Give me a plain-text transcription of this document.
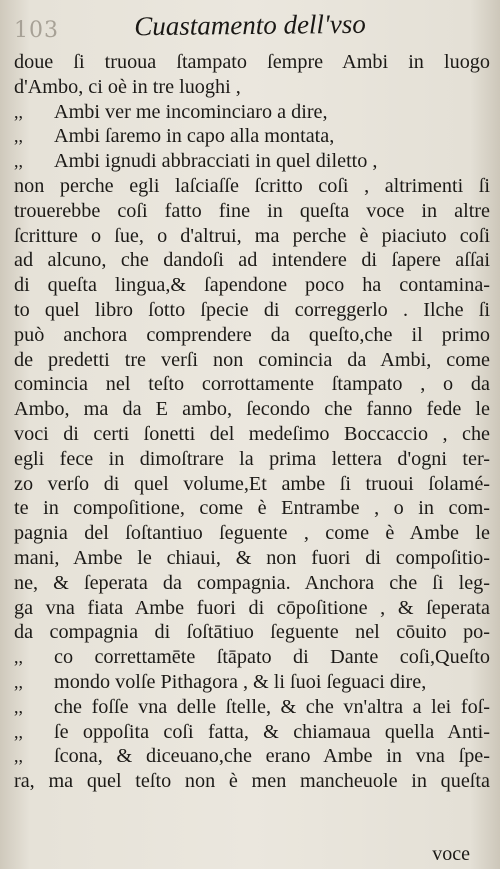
103	Cuastamento dell'vso
doue ſi truoua ſtampato ſempre Ambi in luogo
d'Ambo, ci oè in tre luoghi ,
,,	Ambi ver me incominciaro a dire,
,,	Ambi ſaremo in capo alla montata,
,,	Ambi ignudi abbracciati in quel diletto ,
non perche egli laſciaſſe ſcritto coſi , altrimenti ſi
trouerebbe coſi fatto fine in queſta voce in altre
ſcritture o ſue, o d'altrui, ma perche è piaciuto coſi
ad alcuno, che dandoſi ad intendere di ſapere aſſai
di queſta lingua,& ſapendone poco ha contamina-
to quel libro ſotto ſpecie di correggerlo . Ilche ſi
può anchora comprendere da queſto,che il primo
de predetti tre verſi non comincia da Ambi, come
comincia nel teſto corrottamente ſtampato , o da
Ambo, ma da E ambo, ſecondo che fanno fede le
voci di certi ſonetti del medeſimo Boccaccio , che
egli fece in dimoſtrare la prima lettera d'ogni ter-
zo verſo di quel volume,Et ambe ſi truoui ſolamé-
te in compoſitione, come è Entrambe , o in com-
pagnia del ſoſtantiuo ſeguente , come è Ambe le
mani, Ambe le chiaui, & non fuori di compoſitio-
ne, & ſeperata da compagnia. Anchora che ſi leg-
ga vna fiata Ambe fuori di cōpoſitione , & ſeperata
da compagnia di ſoſtātiuo ſeguente nel cōuito po-
,,	co correttamēte ſtāpato di Dante coſi,Queſto
,,	mondo volſe Pithagora , & li ſuoi ſeguaci dire,
,,	che foſſe vna delle ſtelle, & che vn'altra a lei foſ-
,,	ſe oppoſita coſi fatta, & chiamaua quella Anti-
,,	ſcona, & diceuano,che erano Ambe in vna ſpe-
ra, ma quel teſto non è men mancheuole in queſta
voce
